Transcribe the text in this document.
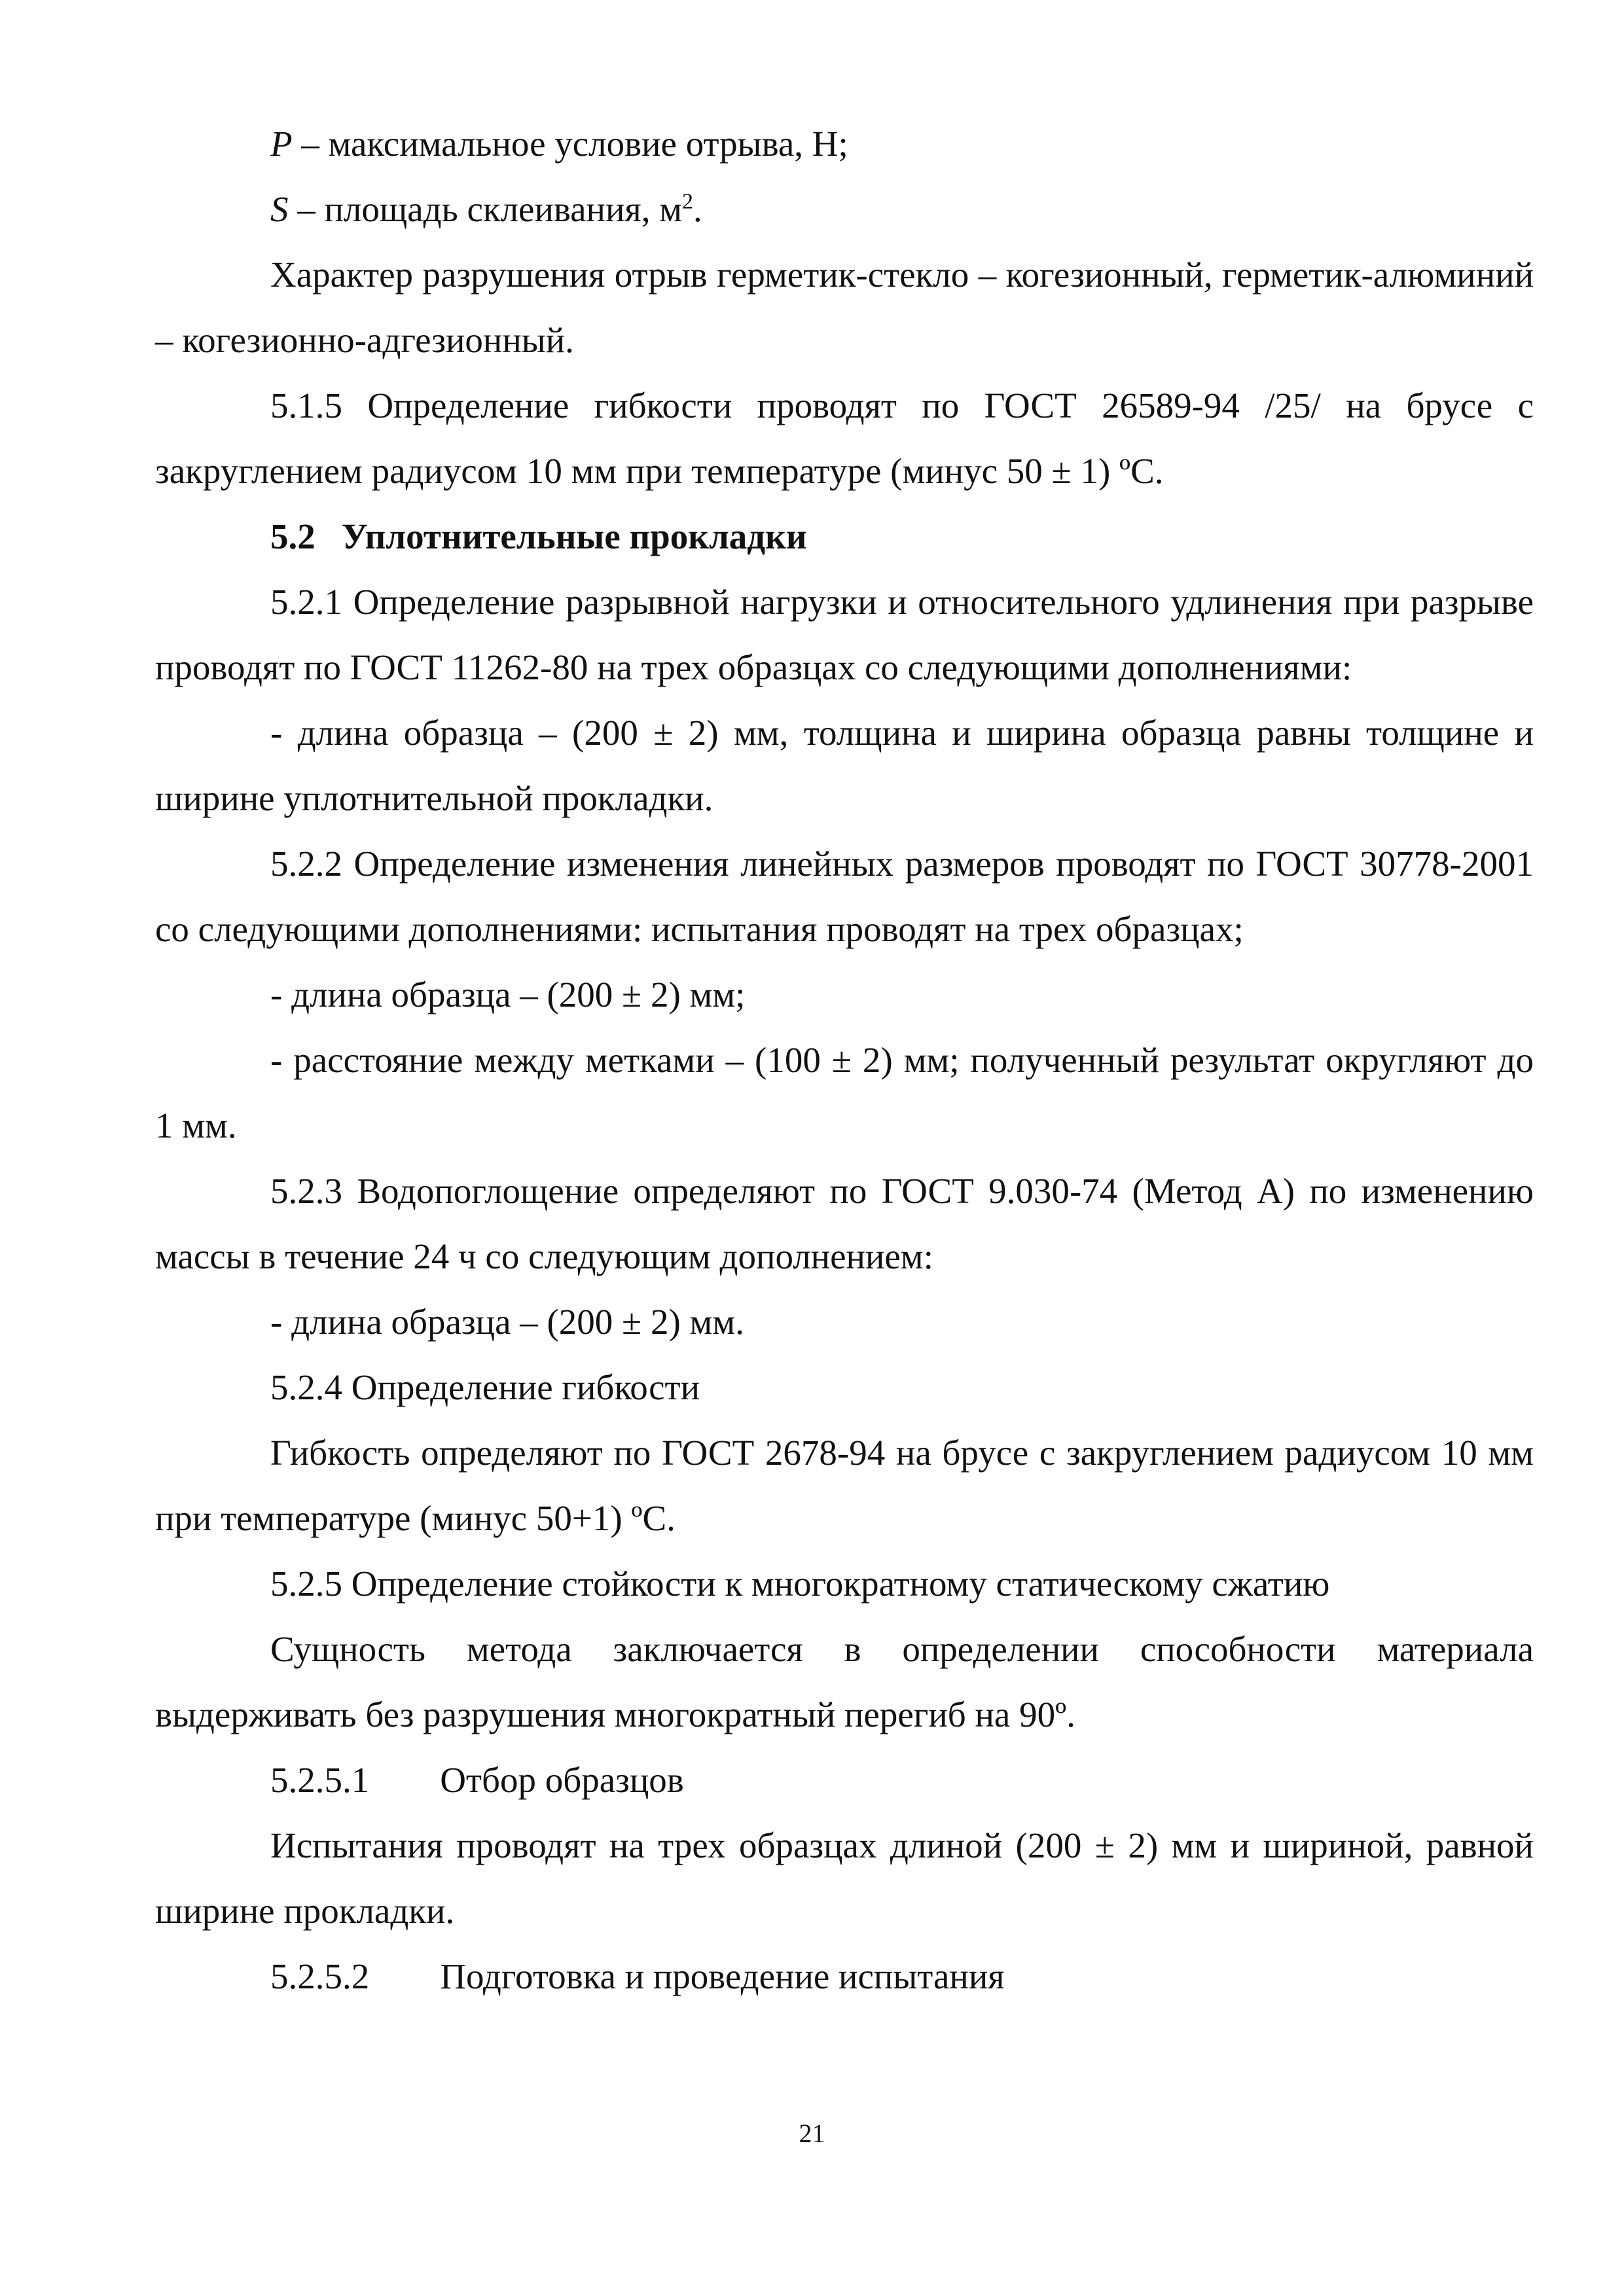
P – максимальное условие отрыва, Н;

S – площадь склеивания, $м^2$.

Характер разрушения отрыв герметик-стекло – когезионный, герметик-алюминий – когезионно-адгезионный.

5.1.5 Определение гибкости проводят по ГОСТ 26589-94 /25/ на брусе с закруглением радиусом 10 мм при температуре (минус 50 ± 1) ºС.

5.2 Уплотнительные прокладки

5.2.1 Определение разрывной нагрузки и относительного удлинения при разрыве проводят по ГОСТ 11262-80 на трех образцах со следующими дополнениями:

- длина образца – (200 ± 2) мм, толщина и ширина образца равны толщине и ширине уплотнительной прокладки.

5.2.2 Определение изменения линейных размеров проводят по ГОСТ 30778-2001 со следующими дополнениями: испытания проводят на трех образцах;

- длина образца – (200 ± 2) мм;

- расстояние между метками – (100 ± 2) мм; полученный результат округляют до 1 мм.

5.2.3 Водопоглощение определяют по ГОСТ 9.030-74 (Метод А) по изменению массы в течение 24 ч со следующим дополнением:

- длина образца – (200 ± 2) мм.

5.2.4 Определение гибкости

Гибкость определяют по ГОСТ 2678-94 на брусе с закруглением радиусом 10 мм при температуре (минус 50+1) ºС.

5.2.5 Определение стойкости к многократному статическому сжатию

Сущность метода заключается в определении способности материала выдерживать без разрушения многократный перегиб на 90º.

5.2.5.1 Отбор образцов

Испытания проводят на трех образцах длиной (200 ± 2) мм и шириной, равной ширине прокладки.

5.2.5.2 Подготовка и проведение испытания

21
